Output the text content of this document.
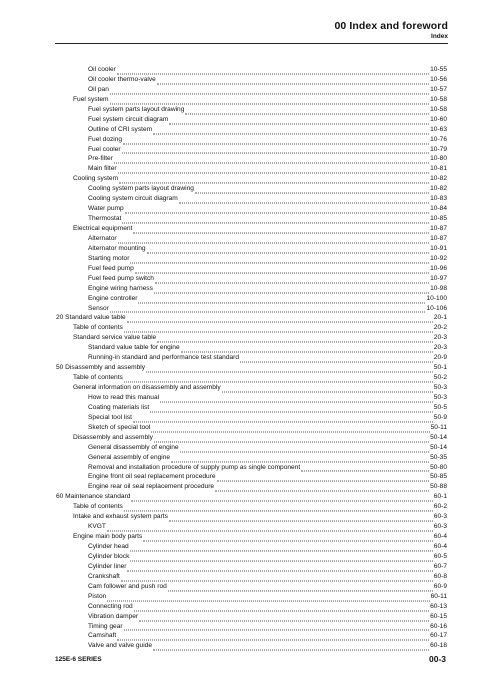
00 Index and foreword
Index
Oil cooler	10-55
Oil cooler thermo-valve	10-56
Oil pan	10-57
Fuel system	10-58
Fuel system parts layout drawing	10-58
Fuel system circuit diagram	10-60
Outline of CRI system	10-63
Fuel dozing	10-76
Fuel cooler	10-79
Pre-filter	10-80
Main filter	10-81
Cooling system	10-82
Cooling system parts layout drawing	10-82
Cooling system circuit diagram	10-83
Water pump	10-84
Thermostat	10-85
Electrical equipment	10-87
Alternator	10-87
Alternator mounting	10-91
Starting motor	10-92
Fuel feed pump	10-96
Fuel feed pump switch	10-97
Engine wiring harness	10-98
Engine controller	10-100
Sensor	10-106
20 Standard value table	20-1
Table of contents	20-2
Standard service value table	20-3
Standard value table for engine	20-3
Running-in standard and performance test standard	20-9
50 Disassembly and assembly	50-1
Table of contents	50-2
General information on disassembly and assembly	50-3
How to read this manual	50-3
Coating materials list	50-5
Special tool list	50-9
Sketch of special tool	50-11
Disassembly and assembly	50-14
General disassembly of engine	50-14
General assembly of engine	50-35
Removal and installation procedure of supply pump as single component	50-80
Engine front oil seal replacement procedure	50-85
Engine rear oil seal replacement procedure	50-88
60 Maintenance standard	60-1
Table of contents	60-2
Intake and exhaust system parts	60-3
KVGT	60-3
Engine main body parts	60-4
Cylinder head	60-4
Cylinder block	60-5
Cylinder liner	60-7
Crankshaft	60-8
Cam follower and push rod	60-9
Piston	60-11
Connecting rod	60-13
Vibration damper	60-15
Timing gear	60-16
Camshaft	60-17
Valve and valve guide	60-18
125E-6 SERIES	00-3
